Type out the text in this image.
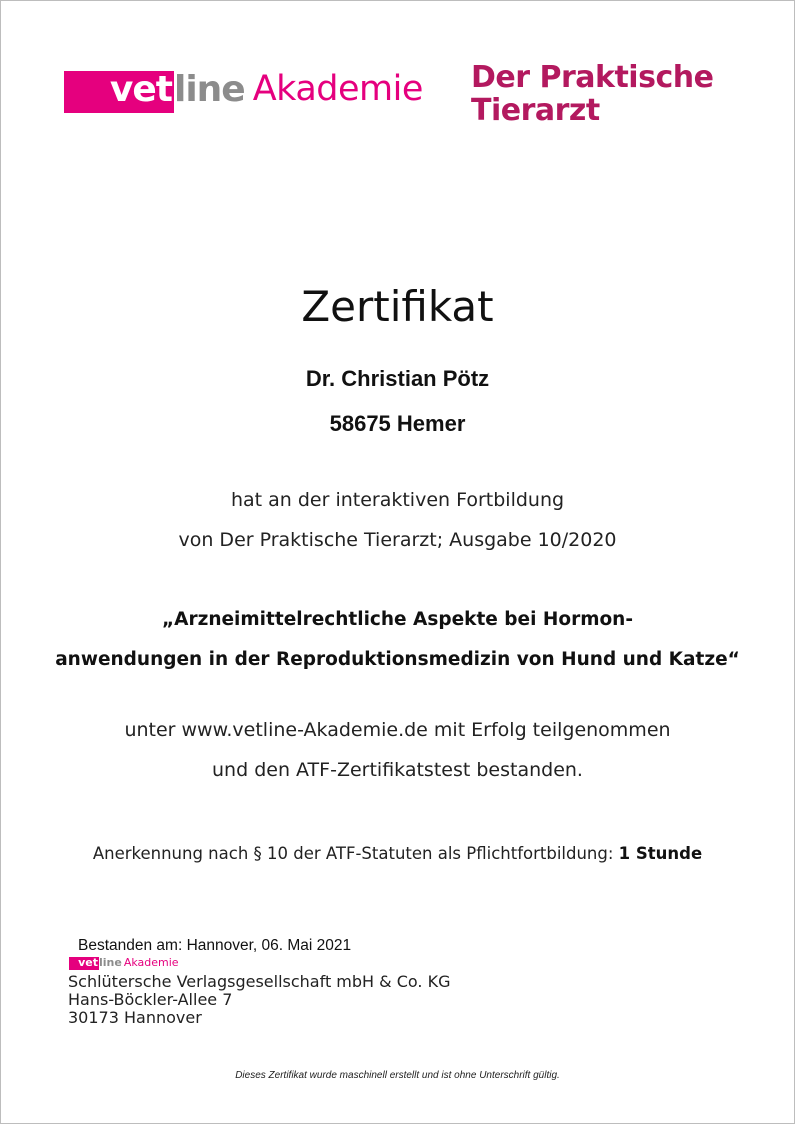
vet line Akademie Der Praktische
Tierarzt
Zertifikat
Dr. Christian Pötz
58675 Hemer
hat an der interaktiven Fortbildung
von Der Praktische Tierarzt; Ausgabe 10/2020
„Arzneimittelrechtliche Aspekte bei Hormon-
anwendungen in der Reproduktionsmedizin von Hund und Katze“
unter www.vetline-Akademie.de mit Erfolg teilgenommen
und den ATF-Zertifikatstest bestanden.
Anerkennung nach § 10 der ATF-Statuten als Pflichtfortbildung: 1 Stunde
Bestanden am: Hannover, 06. Mai 2021
vet line Akademie
Schlütersche Verlagsgesellschaft mbH & Co. KG
Hans-Böckler-Allee 7
30173 Hannover
Dieses Zertifikat wurde maschinell erstellt und ist ohne Unterschrift gültig.
